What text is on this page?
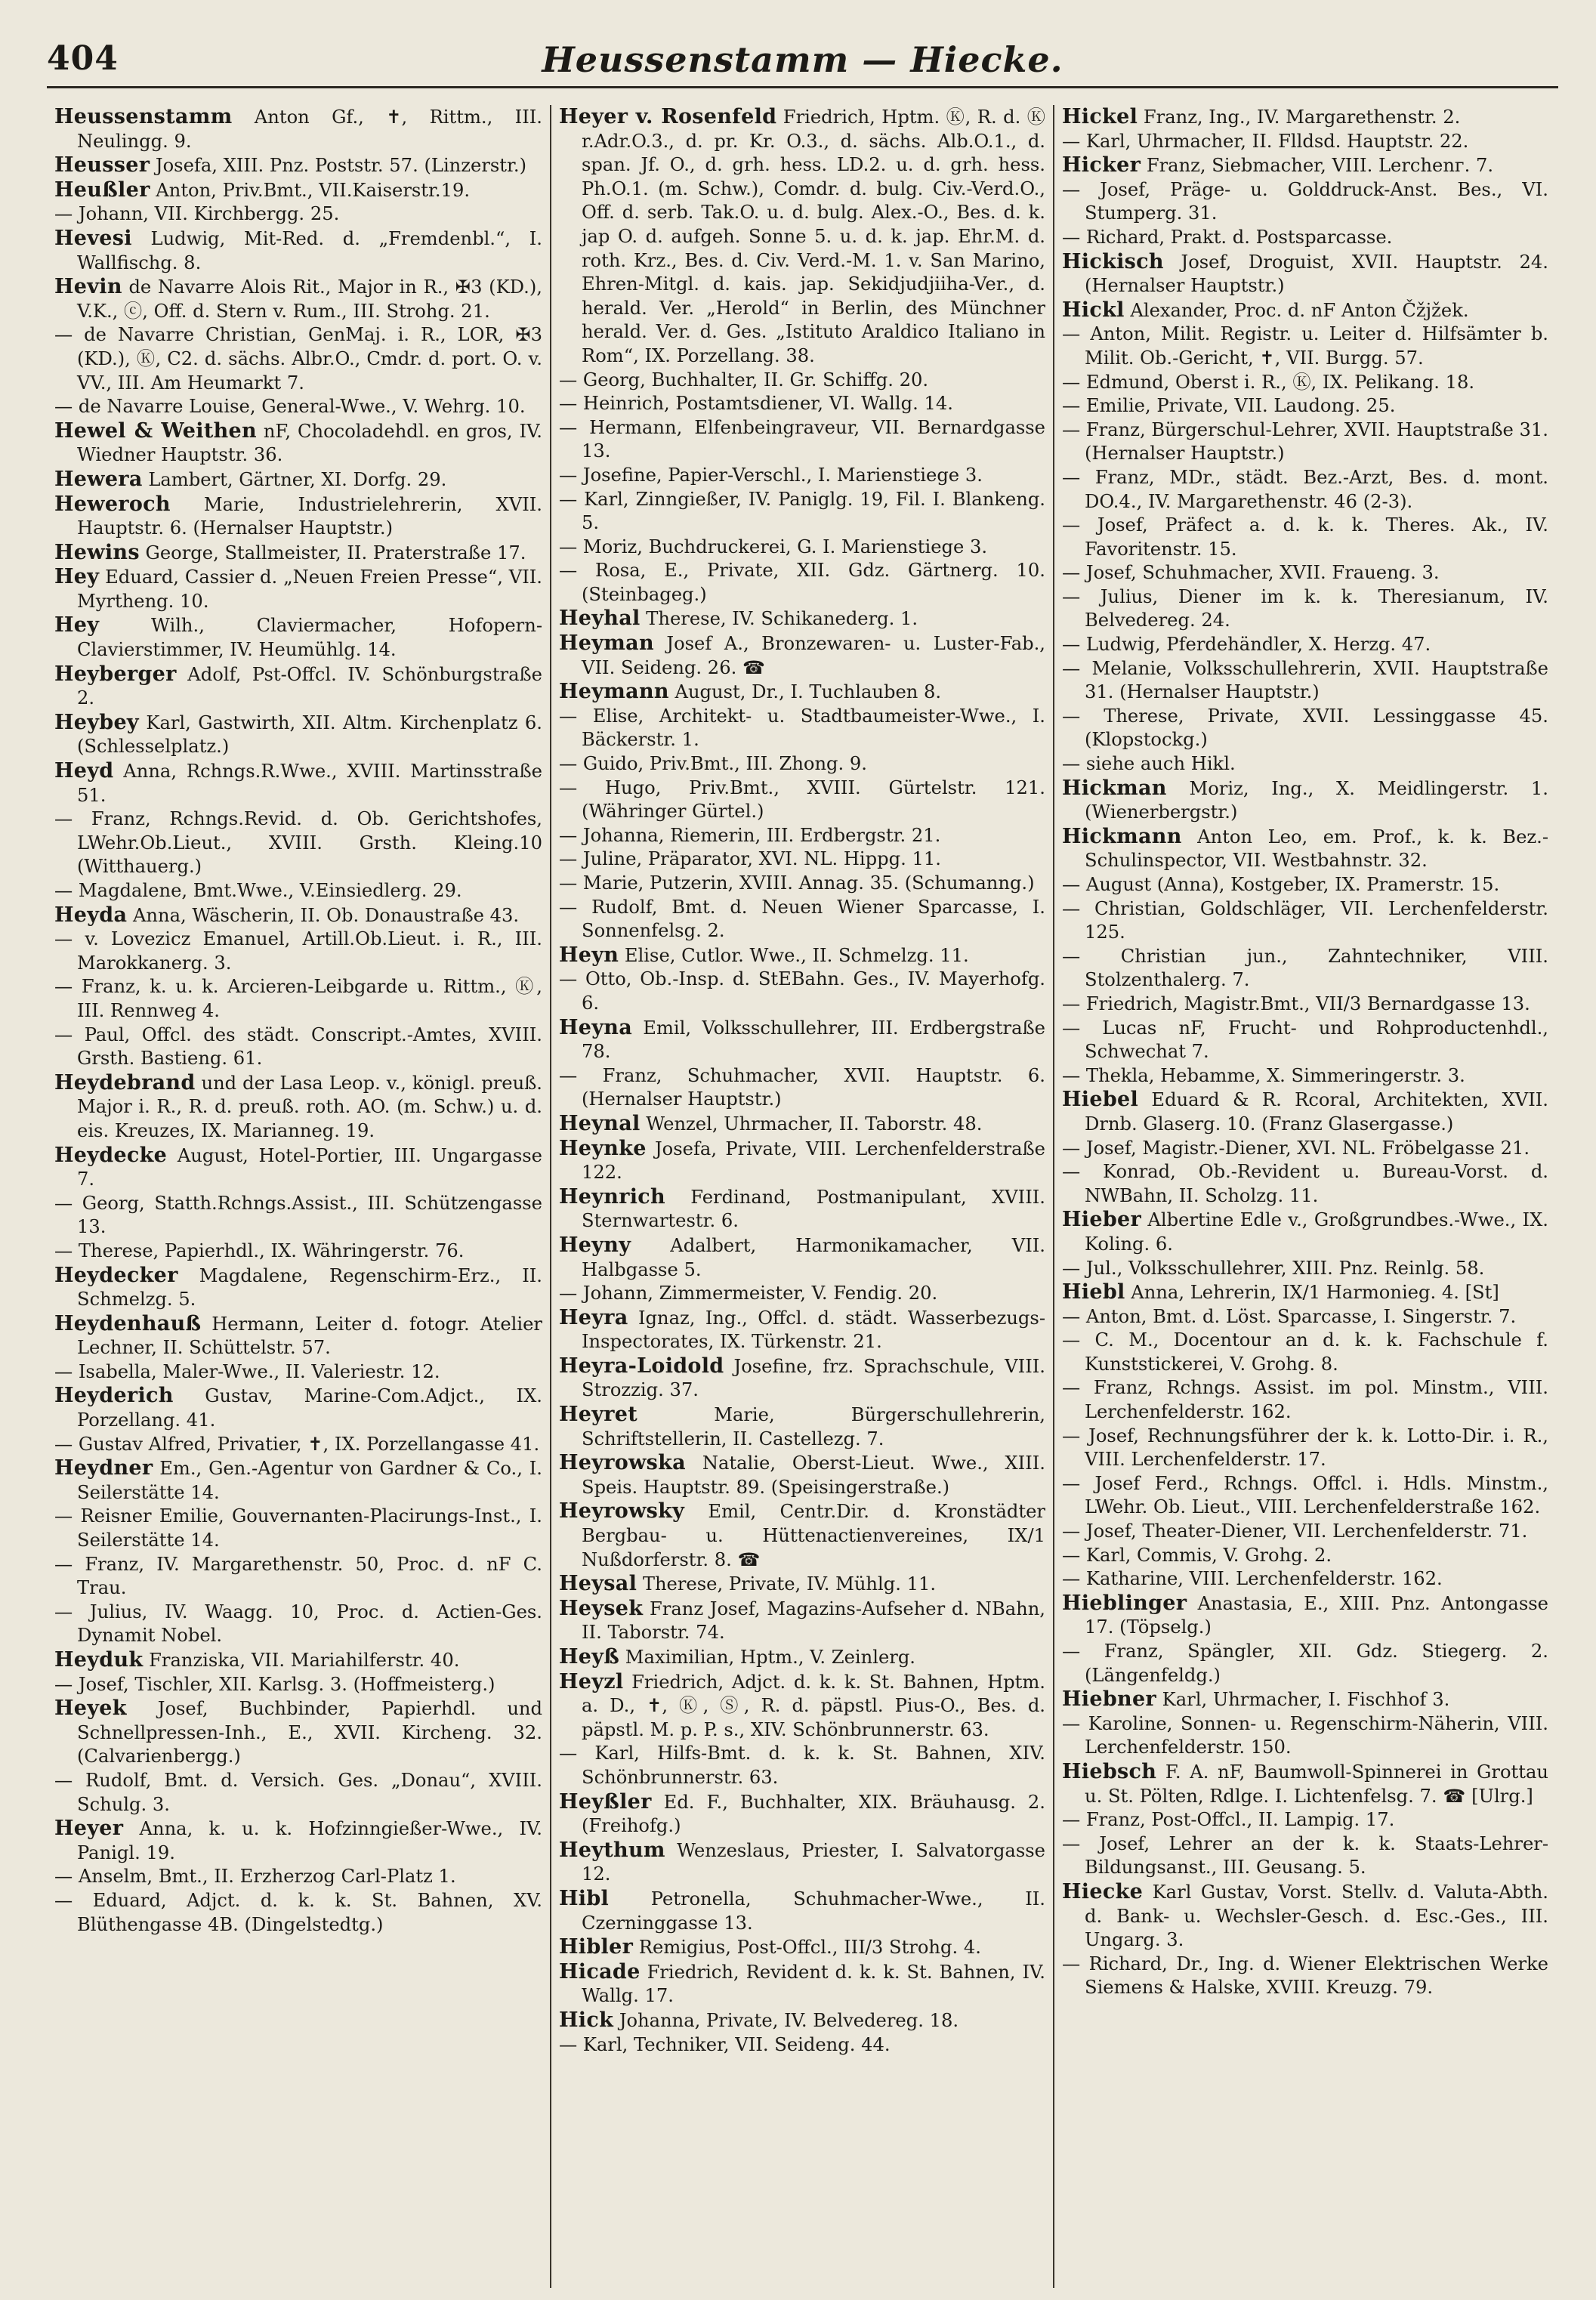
404	Heussenstamm — Hiecke.

Heussenstamm Anton Gf., ✝, Rittm., III. Neulingg. 9.

Heusser Josefa, XIII. Pnz. Poststr. 57. (Linzerstr.)

Heußler Anton, Priv.Bmt., VII.Kaiserstr.19.

— Johann, VII. Kirchbergg. 25.

Hevesi Ludwig, Mit-Red. d. „Fremdenbl.“, I. Wallfischg. 8.

Hevin de Navarre Alois Rit., Major in R., ✠3 (KD.), V.K., ⓒ, Off. d. Stern v. Rum., III. Strohg. 21.

— de Navarre Christian, GenMaj. i. R., LOR, ✠3 (KD.), Ⓚ, C2. d. sächs. Albr.O., Cmdr. d. port. O. v. VV., III. Am Heumarkt 7.

— de Navarre Louise, General-Wwe., V. Wehrg. 10.

Hewel & Weithen nF, Chocoladehdl. en gros, IV. Wiedner Hauptstr. 36.

Hewera Lambert, Gärtner, XI. Dorfg. 29.

Heweroch Marie, Industrielehrerin, XVII. Hauptstr. 6. (Hernalser Hauptstr.)

Hewins George, Stallmeister, II. Praterstraße 17.

Hey Eduard, Cassier d. „Neuen Freien Presse“, VII. Myrtheng. 10.

Hey Wilh., Claviermacher, Hofopern-Clavierstimmer, IV. Heumühlg. 14.

Heyberger Adolf, Pst-Offcl. IV. Schönburgstraße 2.

Heybey Karl, Gastwirth, XII. Altm. Kirchenplatz 6. (Schlesselplatz.)

Heyd Anna, Rchngs.R.Wwe., XVIII. Martinsstraße 51.

— Franz, Rchngs.Revid. d. Ob. Gerichtshofes, LWehr.Ob.Lieut., XVIII. Grsth. Kleing.10 (Witthauerg.)

— Magdalene, Bmt.Wwe., V.Einsiedlerg. 29.

Heyda Anna, Wäscherin, II. Ob. Donaustraße 43.

— v. Lovezicz Emanuel, Artill.Ob.Lieut. i. R., III. Marokkanerg. 3.

— Franz, k. u. k. Arcieren-Leibgarde u. Rittm., Ⓚ, III. Rennweg 4.

— Paul, Offcl. des städt. Conscript.-Amtes, XVIII. Grsth. Bastieng. 61.

Heydebrand und der Lasa Leop. v., königl. preuß. Major i. R., R. d. preuß. roth. AO. (m. Schw.) u. d. eis. Kreuzes, IX. Mariannеg. 19.

Heydecke August, Hotel-Portier, III. Ungargasse 7.

— Georg, Statth.Rchngs.Assist., III. Schützengasse 13.

— Therese, Papierhdl., IX. Währingerstr. 76.

Heydecker Magdalene, Regenschirm-Erz., II. Schmelzg. 5.

Heydenhauß Hermann, Leiter d. fotogr. Atelier Lechner, II. Schüttelstr. 57.

— Isabella, Maler-Wwe., II. Valeriestr. 12.

Heyderich Gustav, Marine-Com.Adjct., IX. Porzellang. 41.

— Gustav Alfred, Privatier, ✝, IX. Porzellangasse 41.

Heydner Em., Gen.-Agentur von Gardner & Co., I. Seilerstätte 14.

— Reisner Emilie, Gouvernanten-Placirungs-Inst., I. Seilerstätte 14.

— Franz, IV. Margarethenstr. 50, Proc. d. nF C. Trau.

— Julius, IV. Waagg. 10, Proc. d. Actien-Ges. Dynamit Nobel.

Heyduk Franziska, VII. Mariahilferstr. 40.

— Josef, Tischler, XII. Karlsg. 3. (Hoffmeisterg.)

Heyek Josef, Buchbinder, Papierhdl. und Schnellpressen-Inh., E., XVII. Kircheng. 32. (Calvarienbergg.)

— Rudolf, Bmt. d. Versich. Ges. „Donau“, XVIII. Schulg. 3.

Heyer Anna, k. u. k. Hofzinngießer-Wwe., IV. Panigl. 19.

— Anselm, Bmt., II. Erzherzog Carl-Platz 1.

— Eduard, Adjct. d. k. k. St. Bahnen, XV. Blüthengasse 4B. (Dingelstedtg.)

Heyer v. Rosenfeld Friedrich, Hptm. Ⓚ, R. d. Ⓚ r.Adr.O.3., d. pr. Kr. O.3., d. sächs. Alb.O.1., d. span. Jf. O., d. grh. hess. LD.2. u. d. grh. hess. Ph.O.1. (m. Schw.), Comdr. d. bulg. Civ.-Verd.O., Off. d. serb. Tak.O. u. d. bulg. Alex.-O., Bes. d. k. jap O. d. aufgeh. Sonne 5. u. d. k. jap. Ehr.M. d. roth. Krz., Bes. d. Civ. Verd.-M. 1. v. San Marino, Ehren-Mitgl. d. kais. jap. Sekidjudjiiha-Ver., d. herald. Ver. „Herold“ in Berlin, des Münchner herald. Ver. d. Ges. „Istituto Araldico Italiano in Rom“, IX. Porzellang. 38.

— Georg, Buchhalter, II. Gr. Schiffg. 20.

— Heinrich, Postamtsdiener, VI. Wallg. 14.

— Hermann, Elfenbeingraveur, VII. Bernardgasse 13.

— Josefine, Papier-Verschl., I. Marienstiege 3.

— Karl, Zinngießer, IV. Paniglg. 19, Fil. I. Blankeng. 5.

— Moriz, Buchdruckerei, G. I. Marienstiege 3.

— Rosa, E., Private, XII. Gdz. Gärtnerg. 10. (Steinbageg.)

Heyhal Therese, IV. Schikanederg. 1.

Heyman Josef A., Bronzewaren- u. Luster-Fab., VII. Seideng. 26. ☎

Heymann August, Dr., I. Tuchlauben 8.

— Elise, Architekt- u. Stadtbaumeister-Wwe., I. Bäckerstr. 1.

— Guido, Priv.Bmt., III. Zhong. 9.

— Hugo, Priv.Bmt., XVIII. Gürtelstr. 121. (Währinger Gürtel.)

— Johanna, Riemerin, III. Erdbergstr. 21.

— Juline, Präparator, XVI. NL. Hippg. 11.

— Marie, Putzerin, XVIII. Annag. 35. (Schumanng.)

— Rudolf, Bmt. d. Neuen Wiener Sparcasse, I. Sonnenfelsg. 2.

Heyn Elise, Cutlor. Wwe., II. Schmelzg. 11.

— Otto, Ob.-Insp. d. StEBahn. Ges., IV. Mayerhofg. 6.

Heyna Emil, Volksschullehrer, III. Erdbergstraße 78.

— Franz, Schuhmacher, XVII. Hauptstr. 6. (Hernalser Hauptstr.)

Heynal Wenzel, Uhrmacher, II. Taborstr. 48.

Heynke Josefa, Private, VIII. Lerchenfelderstraße 122.

Heynrich Ferdinand, Postmanipulant, XVIII. Sternwartestr. 6.

Heyny Adalbert, Harmonikamacher, VII. Halbgasse 5.

— Johann, Zimmermeister, V. Fendig. 20.

Heyra Ignaz, Ing., Offcl. d. städt. Wasserbezugs-Inspectorates, IX. Türkenstr. 21.

Heyra-Loidold Josefine, frz. Sprachschule, VIII. Strozzig. 37.

Heyret Marie, Bürgerschullehrerin, Schriftstellerin, II. Castellezg. 7.

Heyrowska Natalie, Oberst-Lieut. Wwe., XIII. Speis. Hauptstr. 89. (Speisingerstraße.)

Heyrowsky Emil, Centr.Dir. d. Kronstädter Bergbau- u. Hüttenactienvereines, IX/1 Nußdorferstr. 8. ☎

Heysal Therese, Private, IV. Mühlg. 11.

Heysek Franz Josef, Magazins-Aufseher d. NBahn, II. Taborstr. 74.

Heyß Maximilian, Hptm., V. Zeinlerg.

Heyzl Friedrich, Adjct. d. k. k. St. Bahnen, Hptm. a. D., ✝, Ⓚ, Ⓢ, R. d. päpstl. Pius-O., Bes. d. päpstl. M. p. P. s., XIV. Schönbrunnerstr. 63.

— Karl, Hilfs-Bmt. d. k. k. St. Bahnen, XIV. Schönbrunnerstr. 63.

Heyßler Ed. F., Buchhalter, XIX. Bräuhausg. 2. (Freihofg.)

Heythum Wenzeslaus, Priester, I. Salvatorgasse 12.

Hibl Petronella, Schuhmacher-Wwe., II. Czerninggasse 13.

Hibler Remigius, Post-Offcl., III/3 Strohg. 4.

Hicade Friedrich, Revident d. k. k. St. Bahnen, IV. Wallg. 17.

Hick Johanna, Private, IV. Belvedereg. 18.

— Karl, Techniker, VII. Seideng. 44.

Hickel Franz, Ing., IV. Margarethenstr. 2.

— Karl, Uhrmacher, II. Flldsd. Hauptstr. 22.

Hicker Franz, Siebmacher, VIII. Lerchenг. 7.

— Josef, Präge- u. Golddruck-Anst. Bes., VI. Stumperg. 31.

— Richard, Prakt. d. Postsparcasse.

Hickisch Josef, Droguist, XVII. Hauptstr. 24. (Hernalser Hauptstr.)

Hickl Alexander, Proc. d. nF Anton Čžjžek.

— Anton, Milit. Registr. u. Leiter d. Hilfsämter b. Milit. Ob.-Gericht, ✝, VII. Burgg. 57.

— Edmund, Oberst i. R., Ⓚ, IX. Pelikang. 18.

— Emilie, Private, VII. Laudong. 25.

— Franz, Bürgerschul-Lehrer, XVII. Hauptstraße 31. (Hernalser Hauptstr.)

— Franz, MDr., städt. Bez.-Arzt, Bes. d. mont. DO.4., IV. Margarethenstr. 46 (2-3).

— Josef, Präfect a. d. k. k. Theres. Ak., IV. Favoritenstr. 15.

— Josef, Schuhmacher, XVII. Fraueng. 3.

— Julius, Diener im k. k. Theresianum, IV. Belvedereg. 24.

— Ludwig, Pferdehändler, X. Herzg. 47.

— Melanie, Volksschullehrerin, XVII. Hauptstraße 31. (Hernalser Hauptstr.)

— Therese, Private, XVII. Lessinggasse 45. (Klopstockg.)

— siehe auch Hikl.

Hickman Moriz, Ing., X. Meidlingerstr. 1. (Wienerbergstr.)

Hickmann Anton Leo, em. Prof., k. k. Bez.-Schulinspector, VII. Westbahnstr. 32.

— August (Anna), Kostgeber, IX. Pramerstr. 15.

— Christian, Goldschläger, VII. Lerchenfelderstr. 125.

— Christian jun., Zahntechniker, VIII. Stolzenthalerg. 7.

— Friedrich, Magistr.Bmt., VII/3 Bernardgasse 13.

— Lucas nF, Frucht- und Rohproductenhdl., Schwechat 7.

— Thekla, Hebamme, X. Simmeringerstr. 3.

Hiebel Eduard & R. Rcoral, Architekten, XVII. Drnb. Glaserg. 10. (Franz Glasergasse.)

— Josef, Magistr.-Diener, XVI. NL. Fröbelgasse 21.

— Konrad, Ob.-Revident u. Bureau-Vorst. d. NWBahn, II. Scholzg. 11.

Hieber Albertine Edle v., Großgrundbes.-Wwe., IX. Koling. 6.

— Jul., Volksschullehrer, XIII. Pnz. Reinlg. 58.

Hiebl Anna, Lehrerin, IX/1 Harmonieg. 4. [St]

— Anton, Bmt. d. Löst. Sparcasse, I. Singerstr. 7.

— C. M., Docentour an d. k. k. Fachschule f. Kunststickerei, V. Grohg. 8.

— Franz, Rchngs. Assist. im pol. Minstm., VIII. Lerchenfelderstr. 162.

— Josef, Rechnungsführer der k. k. Lotto-Dir. i. R., VIII. Lerchenfelderstr. 17.

— Josef Ferd., Rchngs. Offcl. i. Hdls. Minstm., LWehr. Ob. Lieut., VIII. Lerchenfelderstraße 162.

— Josef, Theater-Diener, VII. Lerchenfelderstr. 71.

— Karl, Commis, V. Grohg. 2.

— Katharine, VIII. Lerchenfelderstr. 162.

Hieblinger Anastasia, E., XIII. Pnz. Antongasse 17. (Töpselg.)

— Franz, Spängler, XII. Gdz. Stiegerg. 2. (Längenfeldg.)

Hiebner Karl, Uhrmacher, I. Fischhof 3.

— Karoline, Sonnen- u. Regenschirm-Näherin, VIII. Lerchenfelderstr. 150.

Hiebsch F. A. nF, Baumwoll-Spinnerei in Grottau u. St. Pölten, Rdlge. I. Lichtenfelsg. 7. ☎ [Ulrg.]

— Franz, Post-Offcl., II. Lampig. 17.

— Josef, Lehrer an der k. k. Staats-Lehrer-Bildungsanst., III. Geusang. 5.

Hiecke Karl Gustav, Vorst. Stellv. d. Valuta-Abth. d. Bank- u. Wechsler-Gesch. d. Esc.-Ges., III. Ungarg. 3.

— Richard, Dr., Ing. d. Wiener Elektrischen Werke Siemens & Halske, XVIII. Kreuzg. 79.
